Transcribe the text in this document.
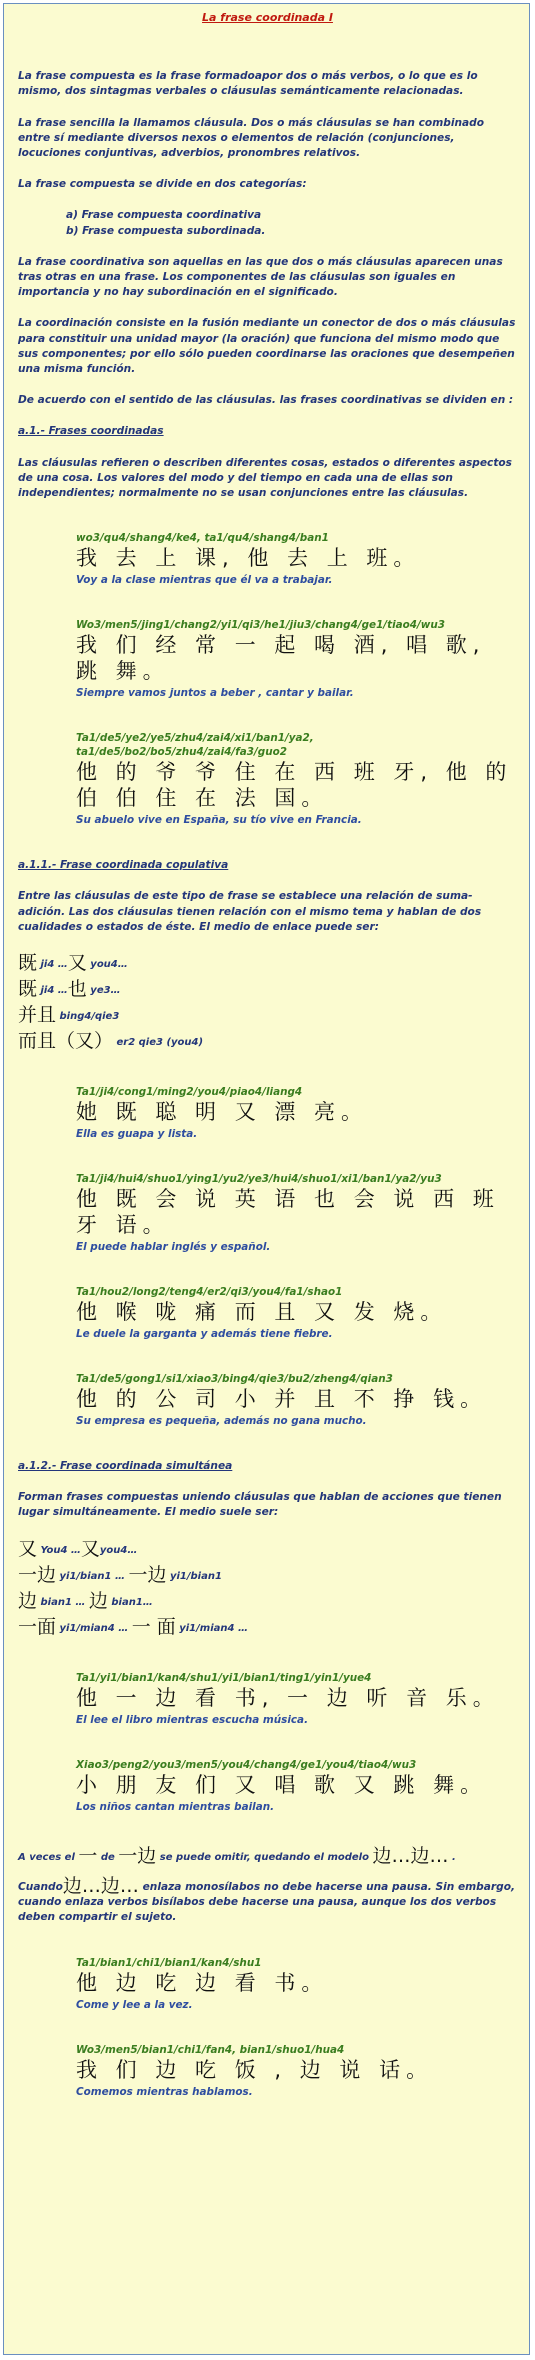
La frase coordinada I

La frase compuesta es la frase formadoapor dos o más verbos, o lo que es lo mismo, dos sintagmas verbales o cláusulas semánticamente relacionadas.

La frase sencilla la llamamos cláusula. Dos o más cláusulas se han combinado entre sí mediante diversos nexos o elementos de relación (conjunciones, locuciones conjuntivas, adverbios, pronombres relativos.

La frase compuesta se divide en dos categorías:

a) Frase compuesta coordinativa
b) Frase compuesta subordinada.

La frase coordinativa son aquellas en las que dos o más cláusulas aparecen unas tras otras en una frase. Los componentes de las cláusulas son iguales en importancia y no hay subordinación en el significado.

La coordinación consiste en la fusión mediante un conector de dos o más cláusulas para constituir una unidad mayor (la oración) que funciona del mismo modo que sus componentes; por ello sólo pueden coordinarse las oraciones que desempeñen una misma función.

De acuerdo con el sentido de las cláusulas. las frases coordinativas se dividen en :

a.1.- Frases coordinadas

Las cláusulas refieren o describen diferentes cosas, estados o diferentes aspectos de una cosa. Los valores del modo y del tiempo en cada una de ellas son independientes; normalmente no se usan conjunciones entre las cláusulas.

wo3/qu4/shang4/ke4, ta1/qu4/shang4/ban1
我 去 上 课, 他 去 上 班。
Voy a la clase mientras que él va a trabajar.
Wo3/men5/jing1/chang2/yi1/qi3/he1/jiu3/chang4/ge1/tiao4/wu3
我 们 经 常 一 起 喝 酒, 唱 歌, 跳 舞。
Siempre vamos juntos a beber , cantar y bailar.
Ta1/de5/ye2/ye5/zhu4/zai4/xi1/ban1/ya2, ta1/de5/bo2/bo5/zhu4/zai4/fa3/guo2
他 的 爷 爷 住 在 西 班 牙, 他 的 伯 伯 住 在 法 国。
Su abuelo vive en España, su tío vive en Francia.
a.1.1.- Frase coordinada copulativa

Entre las cláusulas de este tipo de frase se establece una relación de suma-adición. Las dos cláusulas tienen relación con el mismo tema y hablan de dos cualidades o estados de éste. El medio de enlace puede ser:

既 ji4 …又 you4…
既 ji4 …也 ye3…
并且 bing4/qie3
而且（又） er2 qie3 (you4)
Ta1/ji4/cong1/ming2/you4/piao4/liang4
她 既 聪 明 又 漂 亮。
Ella es guapa y lista.
Ta1/ji4/hui4/shuo1/ying1/yu2/ye3/hui4/shuo1/xi1/ban1/ya2/yu3
他 既 会 说 英 语 也 会 说 西 班 牙 语。
El puede hablar inglés y español.
Ta1/hou2/long2/teng4/er2/qi3/you4/fa1/shao1
他 喉 咙 痛 而 且 又 发 烧。
Le duele la garganta y además tiene fiebre.
Ta1/de5/gong1/si1/xiao3/bing4/qie3/bu2/zheng4/qian3
他 的 公 司 小 并 且 不 挣 钱。
Su empresa es pequeña, además no gana mucho.
a.1.2.- Frase coordinada simultánea

Forman frases compuestas uniendo cláusulas que hablan de acciones que tienen lugar simultáneamente. El medio suele ser:

又 You4 …又you4…
一边 yi1/bian1 … 一边 yi1/bian1
边 bian1 … 边 bian1…
一面 yi1/mian4 … 一 面 yi1/mian4 …
Ta1/yi1/bian1/kan4/shu1/yi1/bian1/ting1/yin1/yue4
他 一 边 看 书, 一 边 听 音 乐。
El lee el libro mientras escucha música.
Xiao3/peng2/you3/men5/you4/chang4/ge1/you4/tiao4/wu3
小 朋 友 们 又 唱 歌 又 跳 舞。
Los niños cantan mientras bailan.

A veces el 一 de 一边 se puede omitir, quedando el modelo 边…边… .

Cuando边…边… enlaza monosílabos no debe hacerse una pausa. Sin embargo, cuando enlaza verbos bisílabos debe hacerse una pausa, aunque los dos verbos deben compartir el sujeto.

Ta1/bian1/chi1/bian1/kan4/shu1
他 边 吃 边 看 书。
Come y lee a la vez.
Wo3/men5/bian1/chi1/fan4, bian1/shuo1/hua4
我 们 边 吃 饭 , 边 说 话。
Comemos mientras hablamos.
